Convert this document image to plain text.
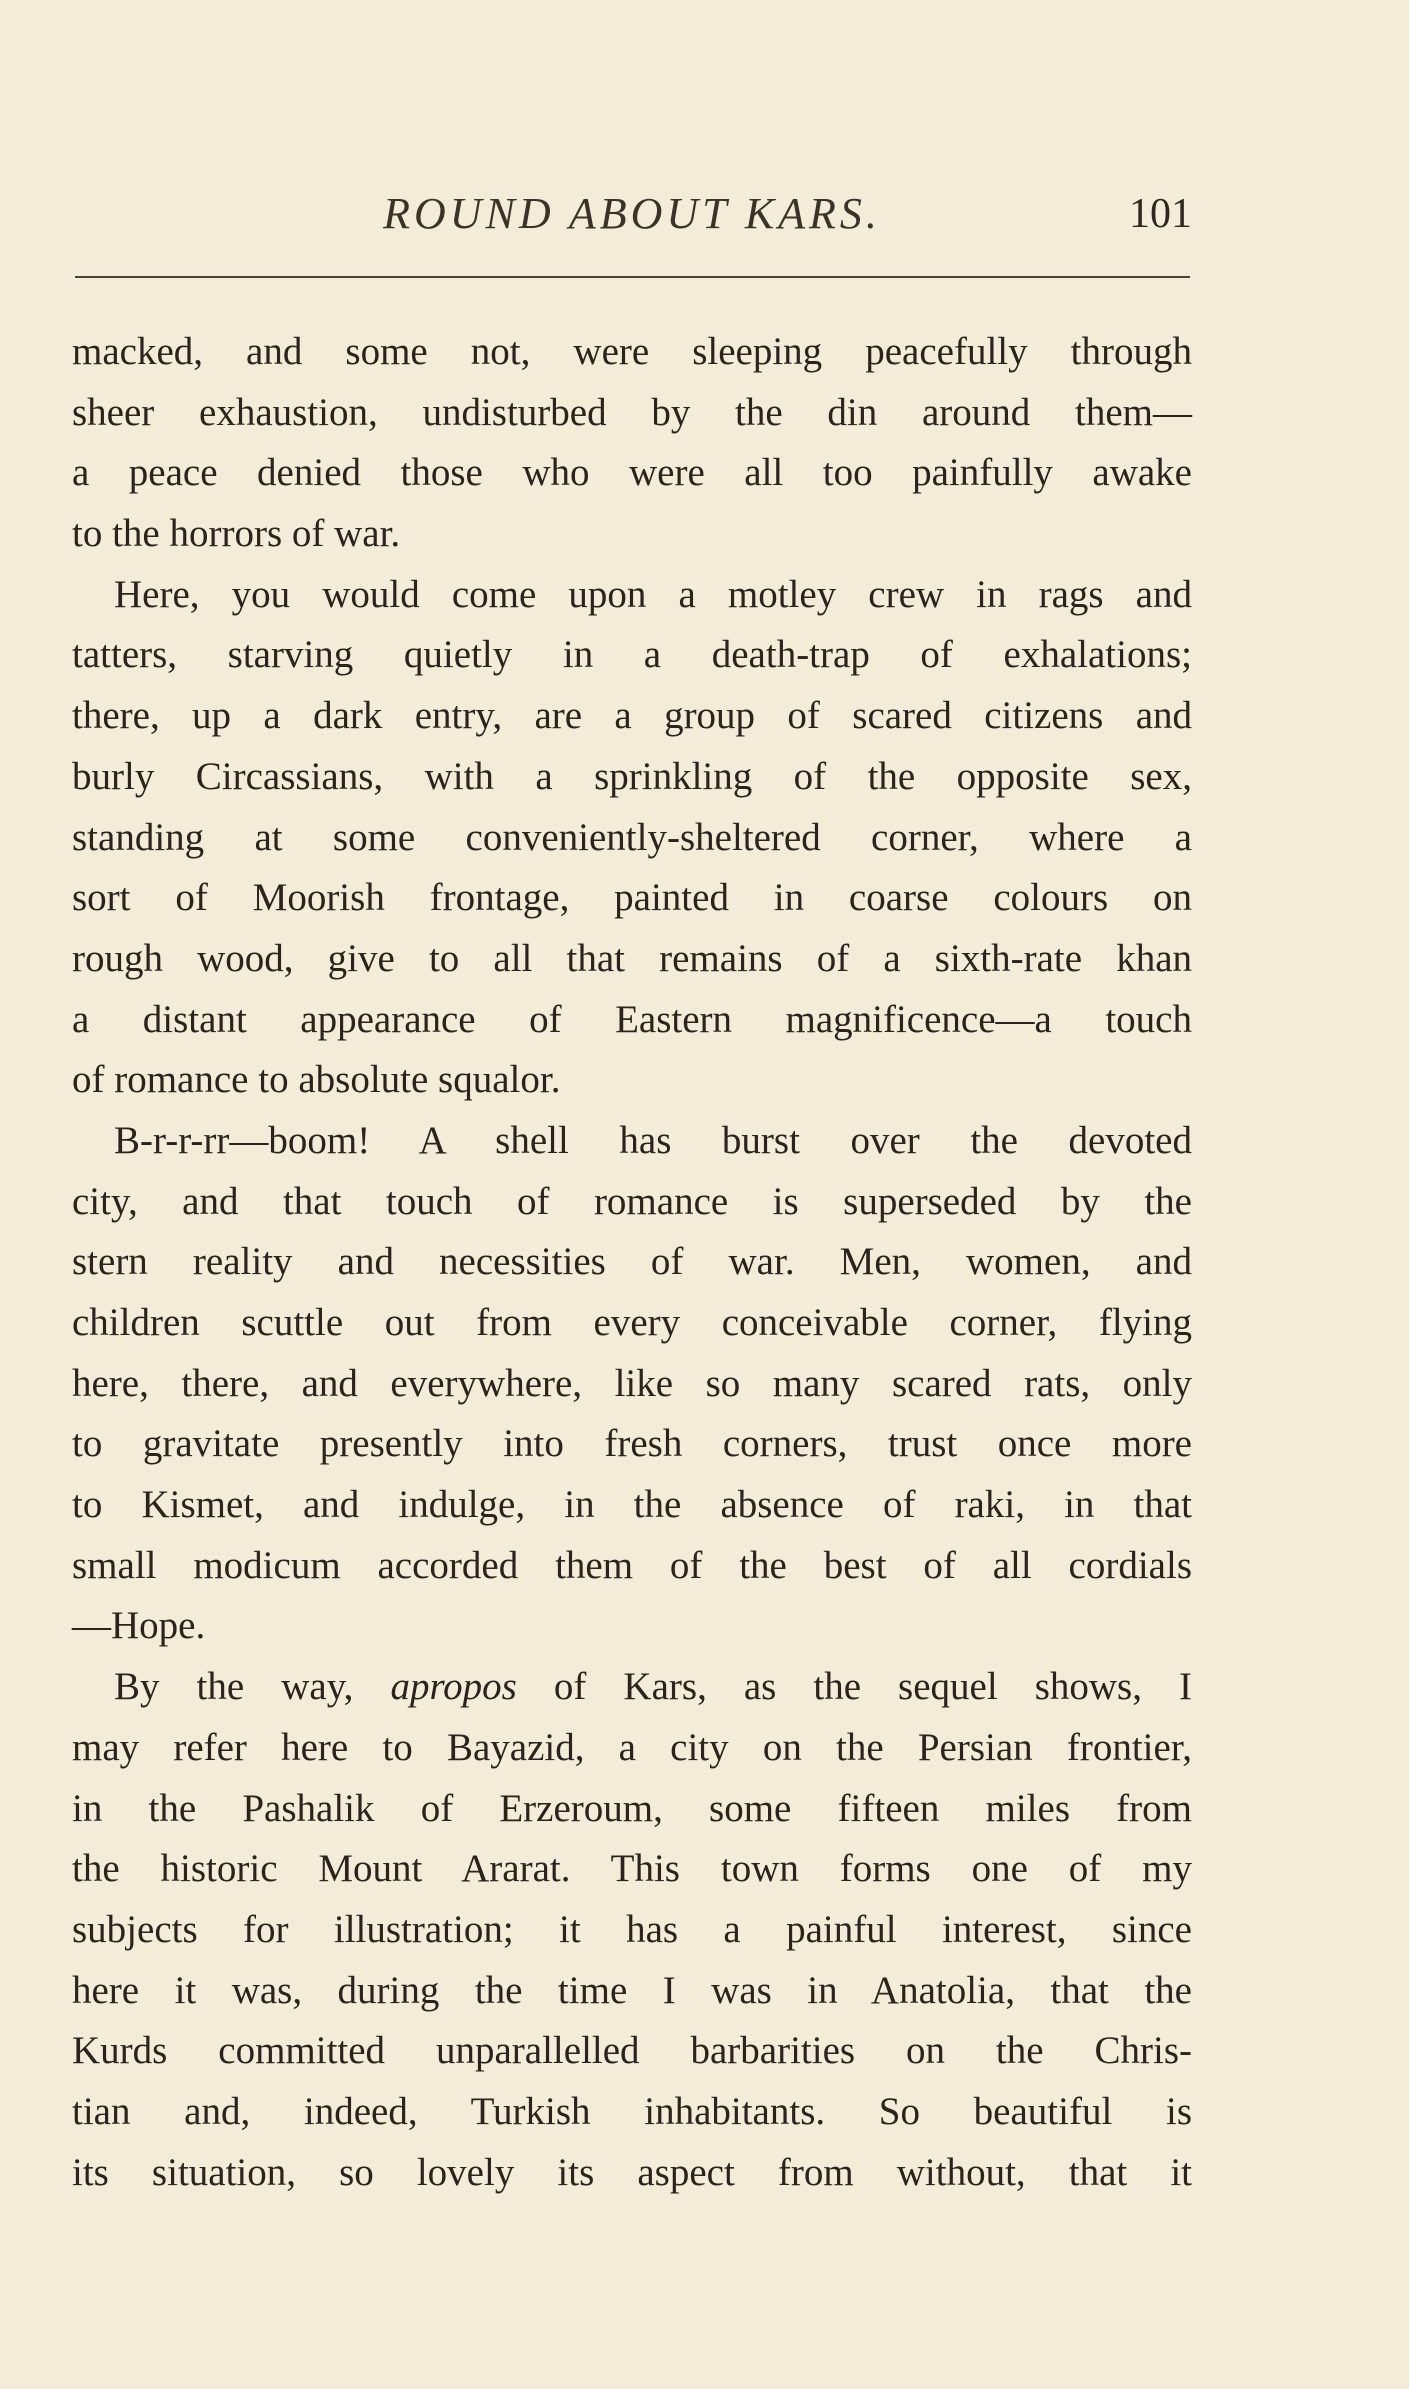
ROUND ABOUT KARS.	101
macked, and some not, were sleeping peacefully through
sheer exhaustion, undisturbed by the din around them—
a peace denied those who were all too painfully awake
to the horrors of war.
Here, you would come upon a motley crew in rags and
tatters, starving quietly in a death-trap of exhalations;
there, up a dark entry, are a group of scared citizens and
burly Circassians, with a sprinkling of the opposite sex,
standing at some conveniently-sheltered corner, where a
sort of Moorish frontage, painted in coarse colours on
rough wood, give to all that remains of a sixth-rate khan
a distant appearance of Eastern magnificence—a touch
of romance to absolute squalor.
B-r-r-rr—boom! A shell has burst over the devoted
city, and that touch of romance is superseded by the
stern reality and necessities of war. Men, women, and
children scuttle out from every conceivable corner, flying
here, there, and everywhere, like so many scared rats, only
to gravitate presently into fresh corners, trust once more
to Kismet, and indulge, in the absence of raki, in that
small modicum accorded them of the best of all cordials
—Hope.
By the way, apropos of Kars, as the sequel shows, I
may refer here to Bayazid, a city on the Persian frontier,
in the Pashalik of Erzeroum, some fifteen miles from
the historic Mount Ararat. This town forms one of my
subjects for illustration; it has a painful interest, since
here it was, during the time I was in Anatolia, that the
Kurds committed unparallelled barbarities on the Chris-
tian and, indeed, Turkish inhabitants. So beautiful is
its situation, so lovely its aspect from without, that it
